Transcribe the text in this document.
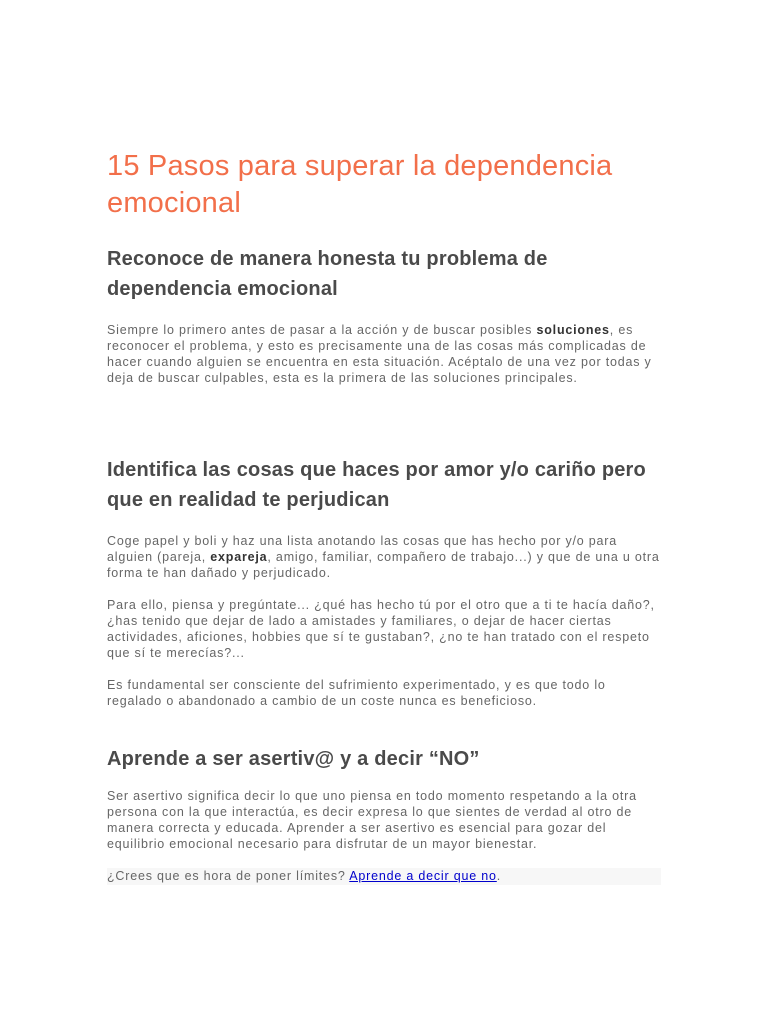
15 Pasos para superar la dependencia emocional
Reconoce de manera honesta tu problema de dependencia emocional

Siempre lo primero antes de pasar a la acción y de buscar posibles soluciones, es reconocer el problema, y esto es precisamente una de las cosas más complicadas de hacer cuando alguien se encuentra en esta situación. Acéptalo de una vez por todas y deja de buscar culpables, esta es la primera de las soluciones principales.

Identifica las cosas que haces por amor y/o cariño pero que en realidad te perjudican

Coge papel y boli y haz una lista anotando las cosas que has hecho por y/o para alguien (pareja, expareja, amigo, familiar, compañero de trabajo...) y que de una u otra forma te han dañado y perjudicado.

Para ello, piensa y pregúntate... ¿qué has hecho tú por el otro que a ti te hacía daño?, ¿has tenido que dejar de lado a amistades y familiares, o dejar de hacer ciertas actividades, aficiones, hobbies que sí te gustaban?, ¿no te han tratado con el respeto que sí te merecías?...

Es fundamental ser consciente del sufrimiento experimentado, y es que todo lo regalado o abandonado a cambio de un coste nunca es beneficioso.

Aprende a ser asertiv@ y a decir “NO”

Ser asertivo significa decir lo que uno piensa en todo momento respetando a la otra persona con la que interactúa, es decir expresa lo que sientes de verdad al otro de manera correcta y educada. Aprender a ser asertivo es esencial para gozar del equilibrio emocional necesario para disfrutar de un mayor bienestar.

¿Crees que es hora de poner límites? Aprende a decir que no.
